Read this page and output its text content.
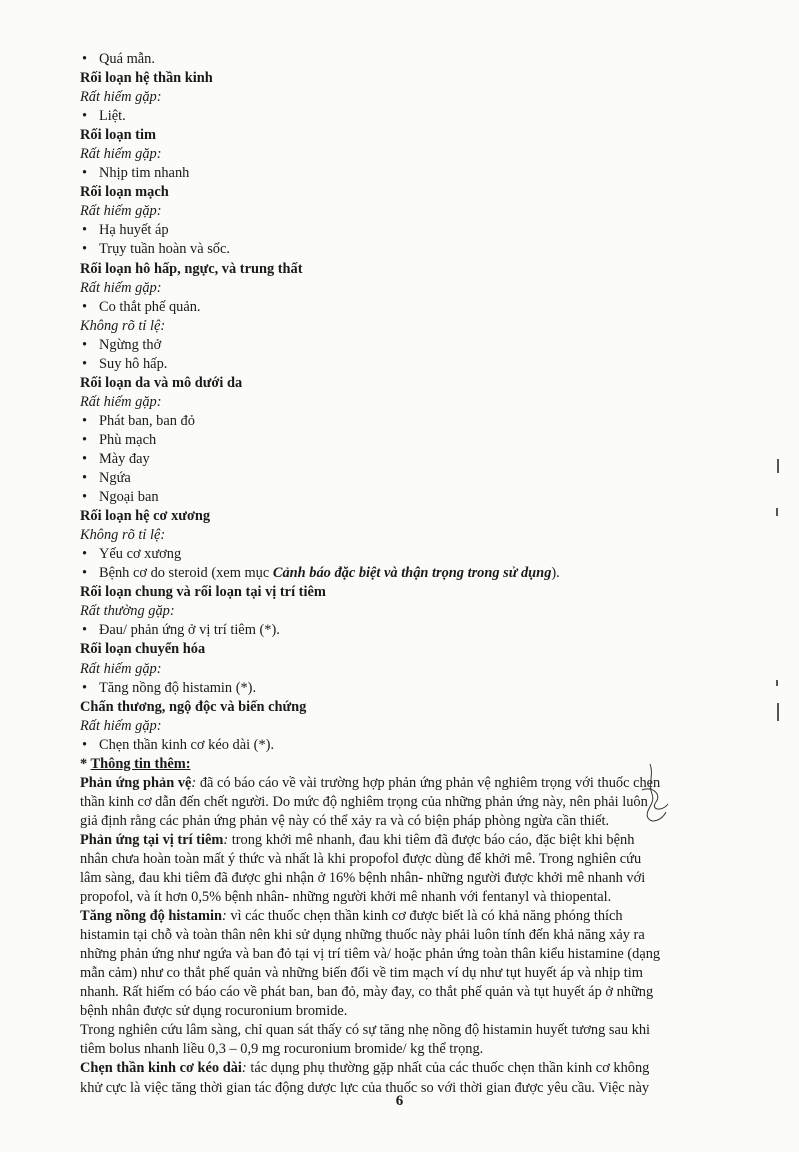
• Quá mẫn.
Rối loạn hệ thần kinh
Rất hiếm gặp:
• Liệt.
Rối loạn tim
Rất hiếm gặp:
• Nhịp tim nhanh
Rối loạn mạch
Rất hiếm gặp:
• Hạ huyết áp
• Trụy tuần hoàn và sốc.
Rối loạn hô hấp, ngực, và trung thất
Rất hiếm gặp:
• Co thắt phế quản.
Không rõ tỉ lệ:
• Ngừng thở
• Suy hô hấp.
Rối loạn da và mô dưới da
Rất hiếm gặp:
• Phát ban, ban đỏ
• Phù mạch
• Mày đay
• Ngứa
• Ngoại ban
Rối loạn hệ cơ xương
Không rõ tỉ lệ:
• Yếu cơ xương
• Bệnh cơ do steroid (xem mục Cảnh báo đặc biệt và thận trọng trong sử dụng).
Rối loạn chung và rối loạn tại vị trí tiêm
Rất thường gặp:
• Đau/ phản ứng ở vị trí tiêm (*).
Rối loạn chuyển hóa
Rất hiếm gặp:
• Tăng nồng độ histamin (*).
Chấn thương, ngộ độc và biến chứng
Rất hiếm gặp:
• Chẹn thần kinh cơ kéo dài (*).
* Thông tin thêm:
Phản ứng phản vệ: đã có báo cáo về vài trường hợp phản ứng phản vệ nghiêm trọng với thuốc chẹn
thần kinh cơ dẫn đến chết người. Do mức độ nghiêm trọng của những phản ứng này, nên phải luôn
giả định rằng các phản ứng phản vệ này có thể xảy ra và có biện pháp phòng ngừa cần thiết.
Phản ứng tại vị trí tiêm: trong khởi mê nhanh, đau khi tiêm đã được báo cáo, đặc biệt khi bệnh
nhân chưa hoàn toàn mất ý thức và nhất là khi propofol được dùng để khởi mê. Trong nghiên cứu
lâm sàng, đau khi tiêm đã được ghi nhận ở 16% bệnh nhân- những người được khởi mê nhanh với
propofol, và ít hơn 0,5% bệnh nhân- những người khởi mê nhanh với fentanyl và thiopental.
Tăng nồng độ histamin: vì các thuốc chẹn thần kinh cơ được biết là có khả năng phóng thích
histamin tại chỗ và toàn thân nên khi sử dụng những thuốc này phải luôn tính đến khả năng xảy ra
những phản ứng như ngứa và ban đỏ tại vị trí tiêm và/ hoặc phản ứng toàn thân kiểu histamine (dạng
mẫn cảm) như co thắt phế quản và những biến đổi về tim mạch ví dụ như tụt huyết áp và nhịp tim
nhanh. Rất hiếm có báo cáo về phát ban, ban đỏ, mày đay, co thắt phế quản và tụt huyết áp ở những
bệnh nhân được sử dụng rocuronium bromide.
Trong nghiên cứu lâm sàng, chỉ quan sát thấy có sự tăng nhẹ nồng độ histamin huyết tương sau khi
tiêm bolus nhanh liều 0,3 – 0,9 mg rocuronium bromide/ kg thể trọng.
Chẹn thần kinh cơ kéo dài: tác dụng phụ thường gặp nhất của các thuốc chẹn thần kinh cơ không
khử cực là việc tăng thời gian tác động dược lực của thuốc so với thời gian được yêu cầu. Việc này
6
